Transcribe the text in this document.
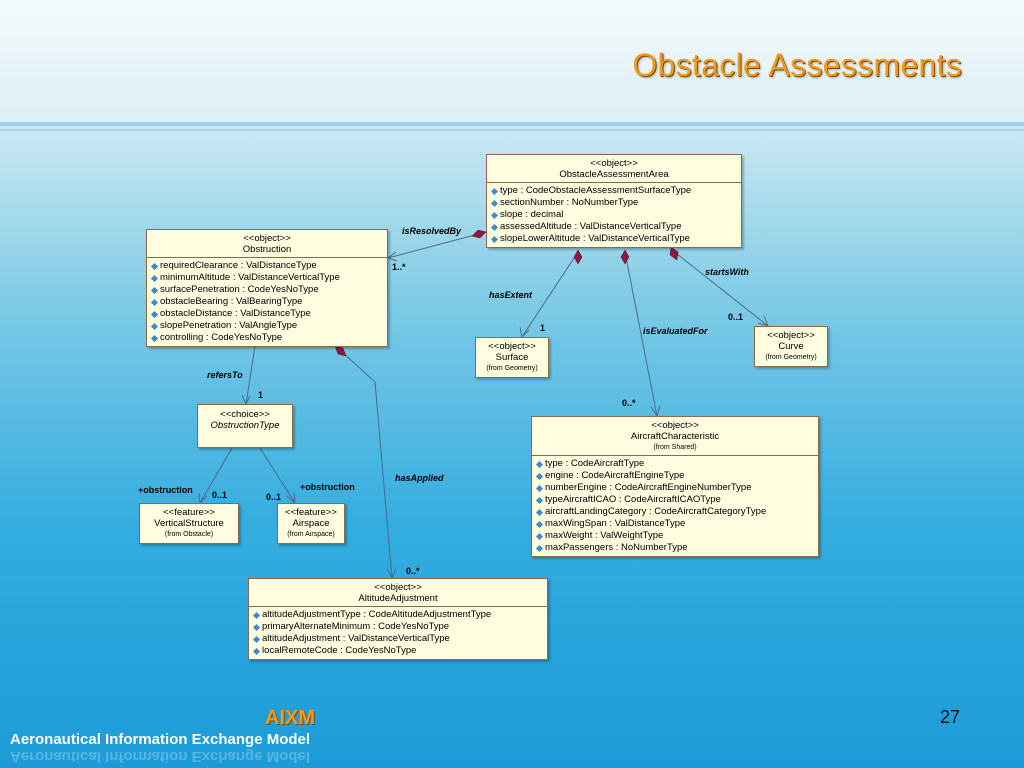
Obstacle Assessments
<<object>>
ObstacleAssessmentArea
type : CodeObstacleAssessmentSurfaceType
sectionNumber : NoNumberType
slope : decimal
assessedAltitude : ValDistanceVerticalType
slopeLowerAltitude : ValDistanceVerticalType
<<object>>
Obstruction
requiredClearance : ValDistanceType
minimumAltitude : ValDistanceVerticalType
surfacePenetration : CodeYesNoType
obstacleBearing : ValBearingType
obstacleDistance : ValDistanceType
slopePenetration : ValAngleType
controlling : CodeYesNoType
<<object>>
Surface
(from Geometry)
<<object>>
Curve
(from Geometry)
<<choice>>
ObstructionType	<<object>>
AircraftCharacteristic
(from Shared)
type : CodeAircraftType
engine : CodeAircraftEngineType
numberEngine : CodeAircraftEngineNumberType
typeAircraftICAO : CodeAircraftICAOType
aircraftLandingCategory : CodeAircraftCategoryType
maxWingSpan : ValDistanceType
maxWeight : ValWeightType
maxPassengers : NoNumberType
<<feature>>
VerticalStructure
(from Obstacle)
<<feature>>
Airspace
(from Airspace)
<<object>>
AltitudeAdjustment
altitudeAdjustmentType : CodeAltitudeAdjustmentType
primaryAlternateMinimum : CodeYesNoType
altitudeAdjustment : ValDistanceVerticalType
localRemoteCode : CodeYesNoType
isResolvedBy
1..*
hasExtent
1	isEvaluatedFor
0..*
startsWith
0..1
refersTo
1
hasApplied
0..*
+obstruction 0..1	0..1
+obstruction
AIXM
Aeronautical Information Exchange Model
Aeronautical Information Exchange Model
27
